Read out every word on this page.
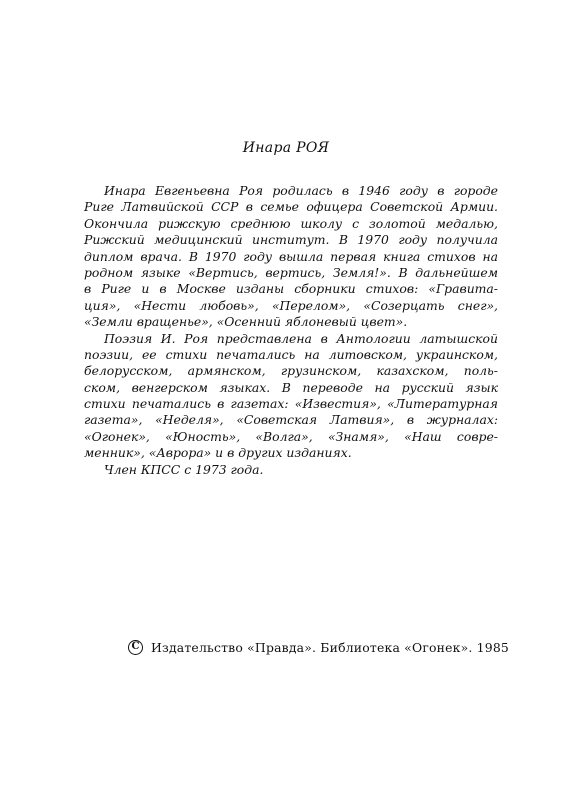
Инара РОЯ
Инара Евгеньевна Роя родилась в 1946 году в городе
Риге Латвийской ССР в семье офицера Советской Армии.
Окончила рижскую среднюю школу с золотой медалью,
Рижский медицинский институт. В 1970 году получила
диплом врача. В 1970 году вышла первая книга стихов на
родном языке «Вертись, вертись, Земля!». В дальнейшем
в Риге и в Москве изданы сборники стихов: «Гравита-
ция», «Нести любовь», «Перелом», «Созерцать снег»,
«Земли вращенье», «Осенний яблоневый цвет».
Поэзия И. Роя представлена в Антологии латышской
поэзии, ее стихи печатались на литовском, украинском,
белорусском, армянском, грузинском, казахском, поль-
ском, венгерском языках. В переводе на русский язык
стихи печатались в газетах: «Известия», «Литературная
газета», «Неделя», «Советская Латвия», в журналах:
«Огонек», «Юность», «Волга», «Знамя», «Наш совре-
менник», «Аврора» и в других изданиях.
Член КПСС с 1973 года.
C Издательство «Правда». Библиотека «Огонек». 1985
